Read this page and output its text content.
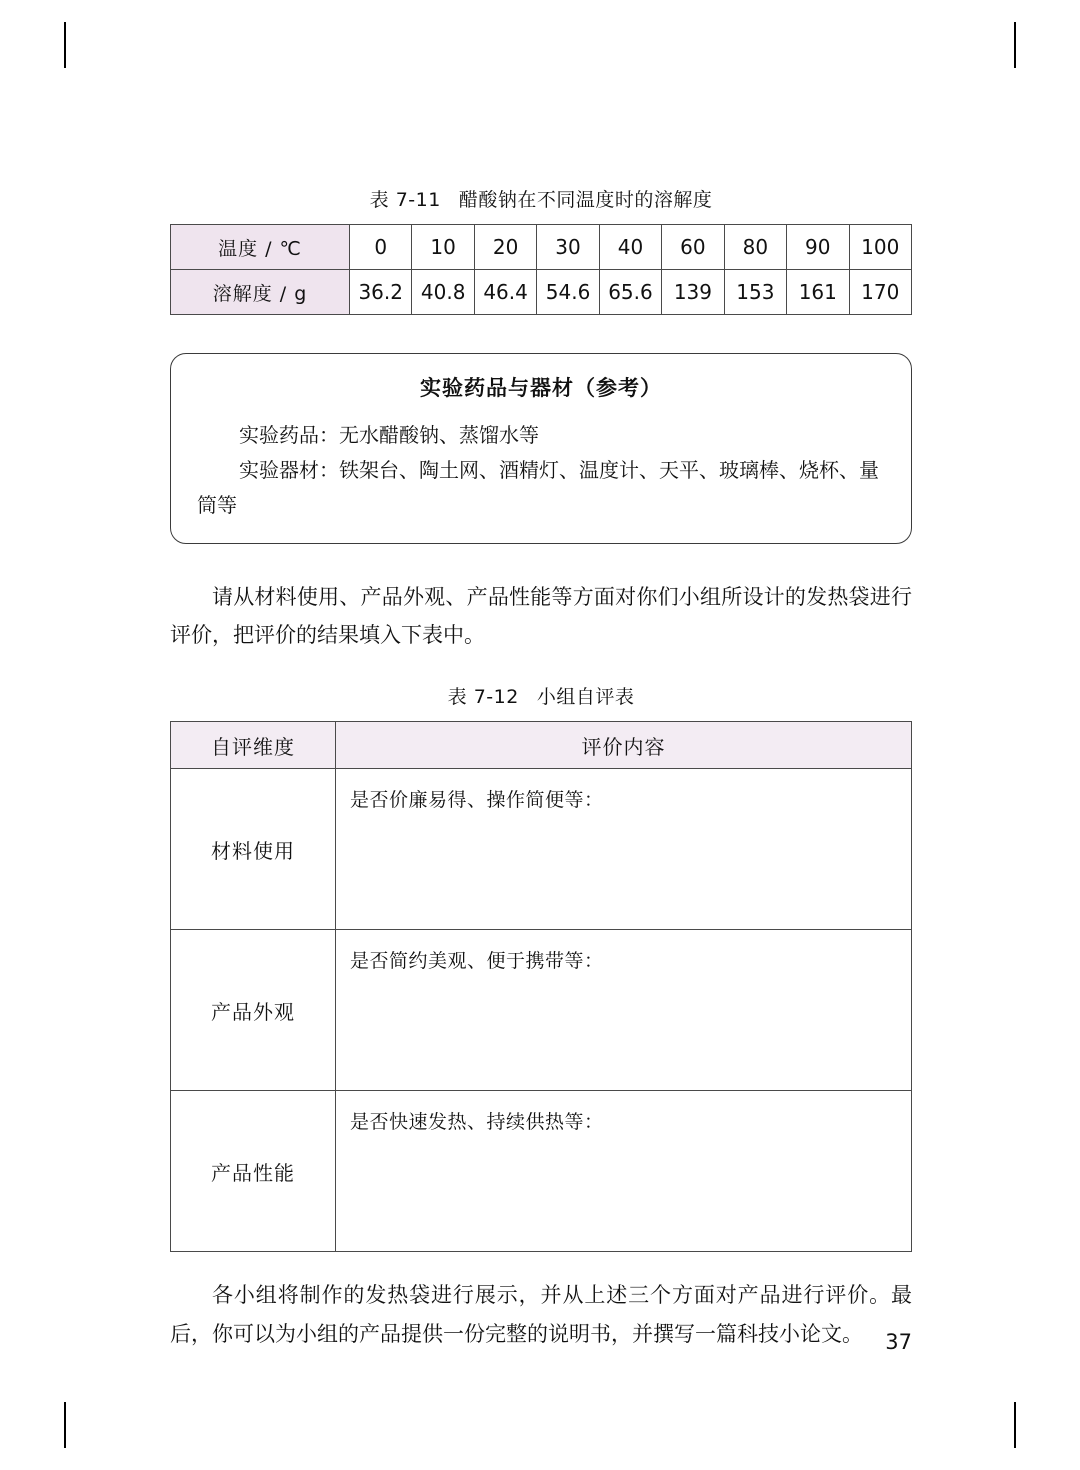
表 7-11 醋酸钠在不同温度时的溶解度
温度 / ℃	0	10	20	30	40	60	80	90	100
溶解度 / g	36.2	40.8	46.4	54.6	65.6	139	153	161	170
实验药品与器材（参考）
实验药品：无水醋酸钠、蒸馏水等
实验器材：铁架台、陶土网、酒精灯、温度计、天平、玻璃棒、烧杯、量
筒等
请从材料使用、产品外观、产品性能等方面对你们小组所设计的发热袋进行评价，把评价的结果填入下表中。
表 7-12 小组自评表
自评维度	评价内容
材料使用	是否价廉易得、操作简便等：
产品外观	是否简约美观、便于携带等：
产品性能	是否快速发热、持续供热等：
各小组将制作的发热袋进行展示，并从上述三个方面对产品进行评价。最后，你可以为小组的产品提供一份完整的说明书，并撰写一篇科技小论文。	37
